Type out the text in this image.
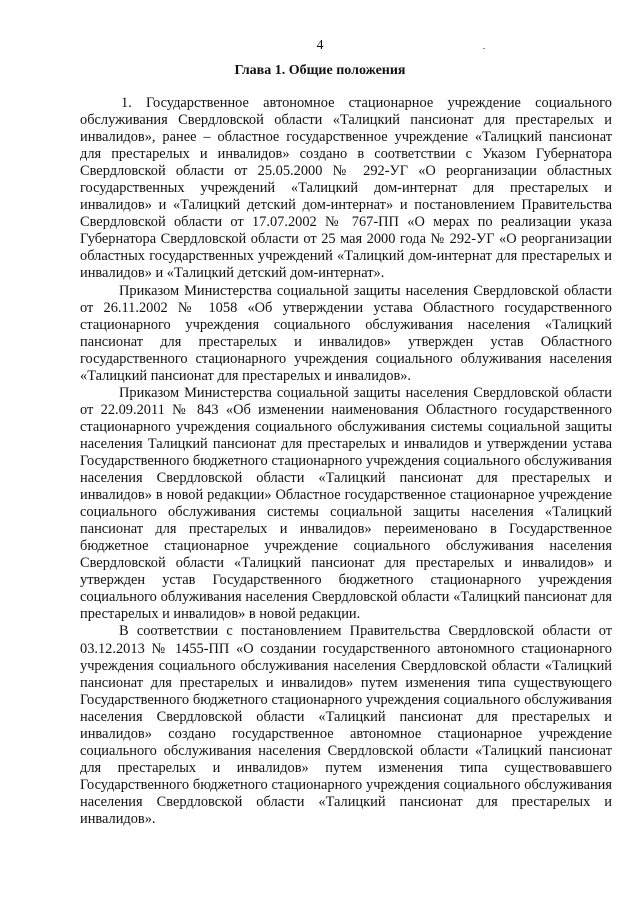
4
Глава 1. Общие положения

1. Государственное автономное стационарное учреждение социального обслуживания Свердловской области «Талицкий пансионат для престарелых и инвалидов», ранее – областное государственное учреждение «Талицкий пансионат для престарелых и инвалидов» создано в соответствии с Указом Губернатора Свердловской области от 25.05.2000 № 292-УГ «О реорганизации областных государственных учреждений «Талицкий дом-интернат для престарелых и инвалидов» и «Талицкий детский дом-интернат» и постановлением Правительства Свердловской области от 17.07.2002 № 767-ПП «О мерах по реализации указа Губернатора Свердловской области от 25 мая 2000 года № 292-УГ «О реорганизации областных государственных учреждений «Талицкий дом-интернат для престарелых и инвалидов» и «Талицкий детский дом-интернат».

Приказом Министерства социальной защиты населения Свердловской области от 26.11.2002 № 1058 «Об утверждении устава Областного государственного стационарного учреждения социального обслуживания населения «Талицкий пансионат для престарелых и инвалидов» утвержден устав Областного государственного стационарного учреждения социального облуживания населения «Талицкий пансионат для престарелых и инвалидов».

Приказом Министерства социальной защиты населения Свердловской области от 22.09.2011 № 843 «Об изменении наименования Областного государственного стационарного учреждения социального обслуживания системы социальной защиты населения Талицкий пансионат для престарелых и инвалидов и утверждении устава Государственного бюджетного стационарного учреждения социального обслуживания населения Свердловской области «Талицкий пансионат для престарелых и инвалидов» в новой редакции» Областное государственное стационарное учреждение социального обслуживания системы социальной защиты населения «Талицкий пансионат для престарелых и инвалидов» переименовано в Государственное бюджетное стационарное учреждение социального обслуживания населения Свердловской области «Талицкий пансионат для престарелых и инвалидов» и утвержден устав Государственного бюджетного стационарного учреждения социального облуживания населения Свердловской области «Талицкий пансионат для престарелых и инвалидов» в новой редакции.

В соответствии с постановлением Правительства Свердловской области от 03.12.2013 № 1455-ПП «О создании государственного автономного стационарного учреждения социального обслуживания населения Свердловской области «Талицкий пансионат для престарелых и инвалидов» путем изменения типа существующего Государственного бюджетного стационарного учреждения социального обслуживания населения Свердловской области «Талицкий пансионат для престарелых и инвалидов» создано государственное автономное стационарное учреждение социального обслуживания населения Свердловской области «Талицкий пансионат для престарелых и инвалидов» путем изменения типа существовавшего Государственного бюджетного стационарного учреждения социального обслуживания населения Свердловской области «Талицкий пансионат для престарелых и инвалидов».
